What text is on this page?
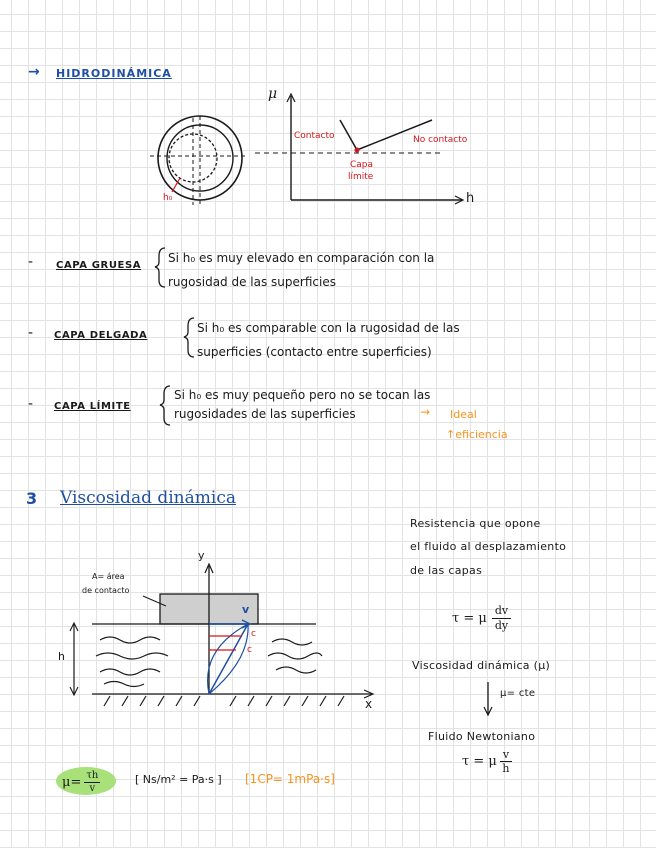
→ HIDRODINÁMICA
μ
h
h₀
Contacto	No contacto
Capa
límite
- CAPA GRUESA
Si h₀ es muy elevado en comparación con la
rugosidad de las superficies
- CAPA DELGADA
Si h₀ es comparable con la rugosidad de las
superficies (contacto entre superficies)
- CAPA LÍMITE
Si h₀ es muy pequeño pero no se tocan las
rugosidades de las superficies	→ Ideal
↑eficiencia
3 Viscosidad dinámica
A= área
de contacto
y
x
v
c
c
h
Resistencia que opone
el fluido al desplazamiento
de las capas
τ = μ $\frac{dv}{dy}$
Viscosidad dinámica (μ)
μ= cte
Fluido Newtoniano
τ = μ $\frac{v}{h}$
$\mu= \frac{\tau h}{v}$	[ Ns/m² = Pa·s ] [1CP= 1mPa·s]
